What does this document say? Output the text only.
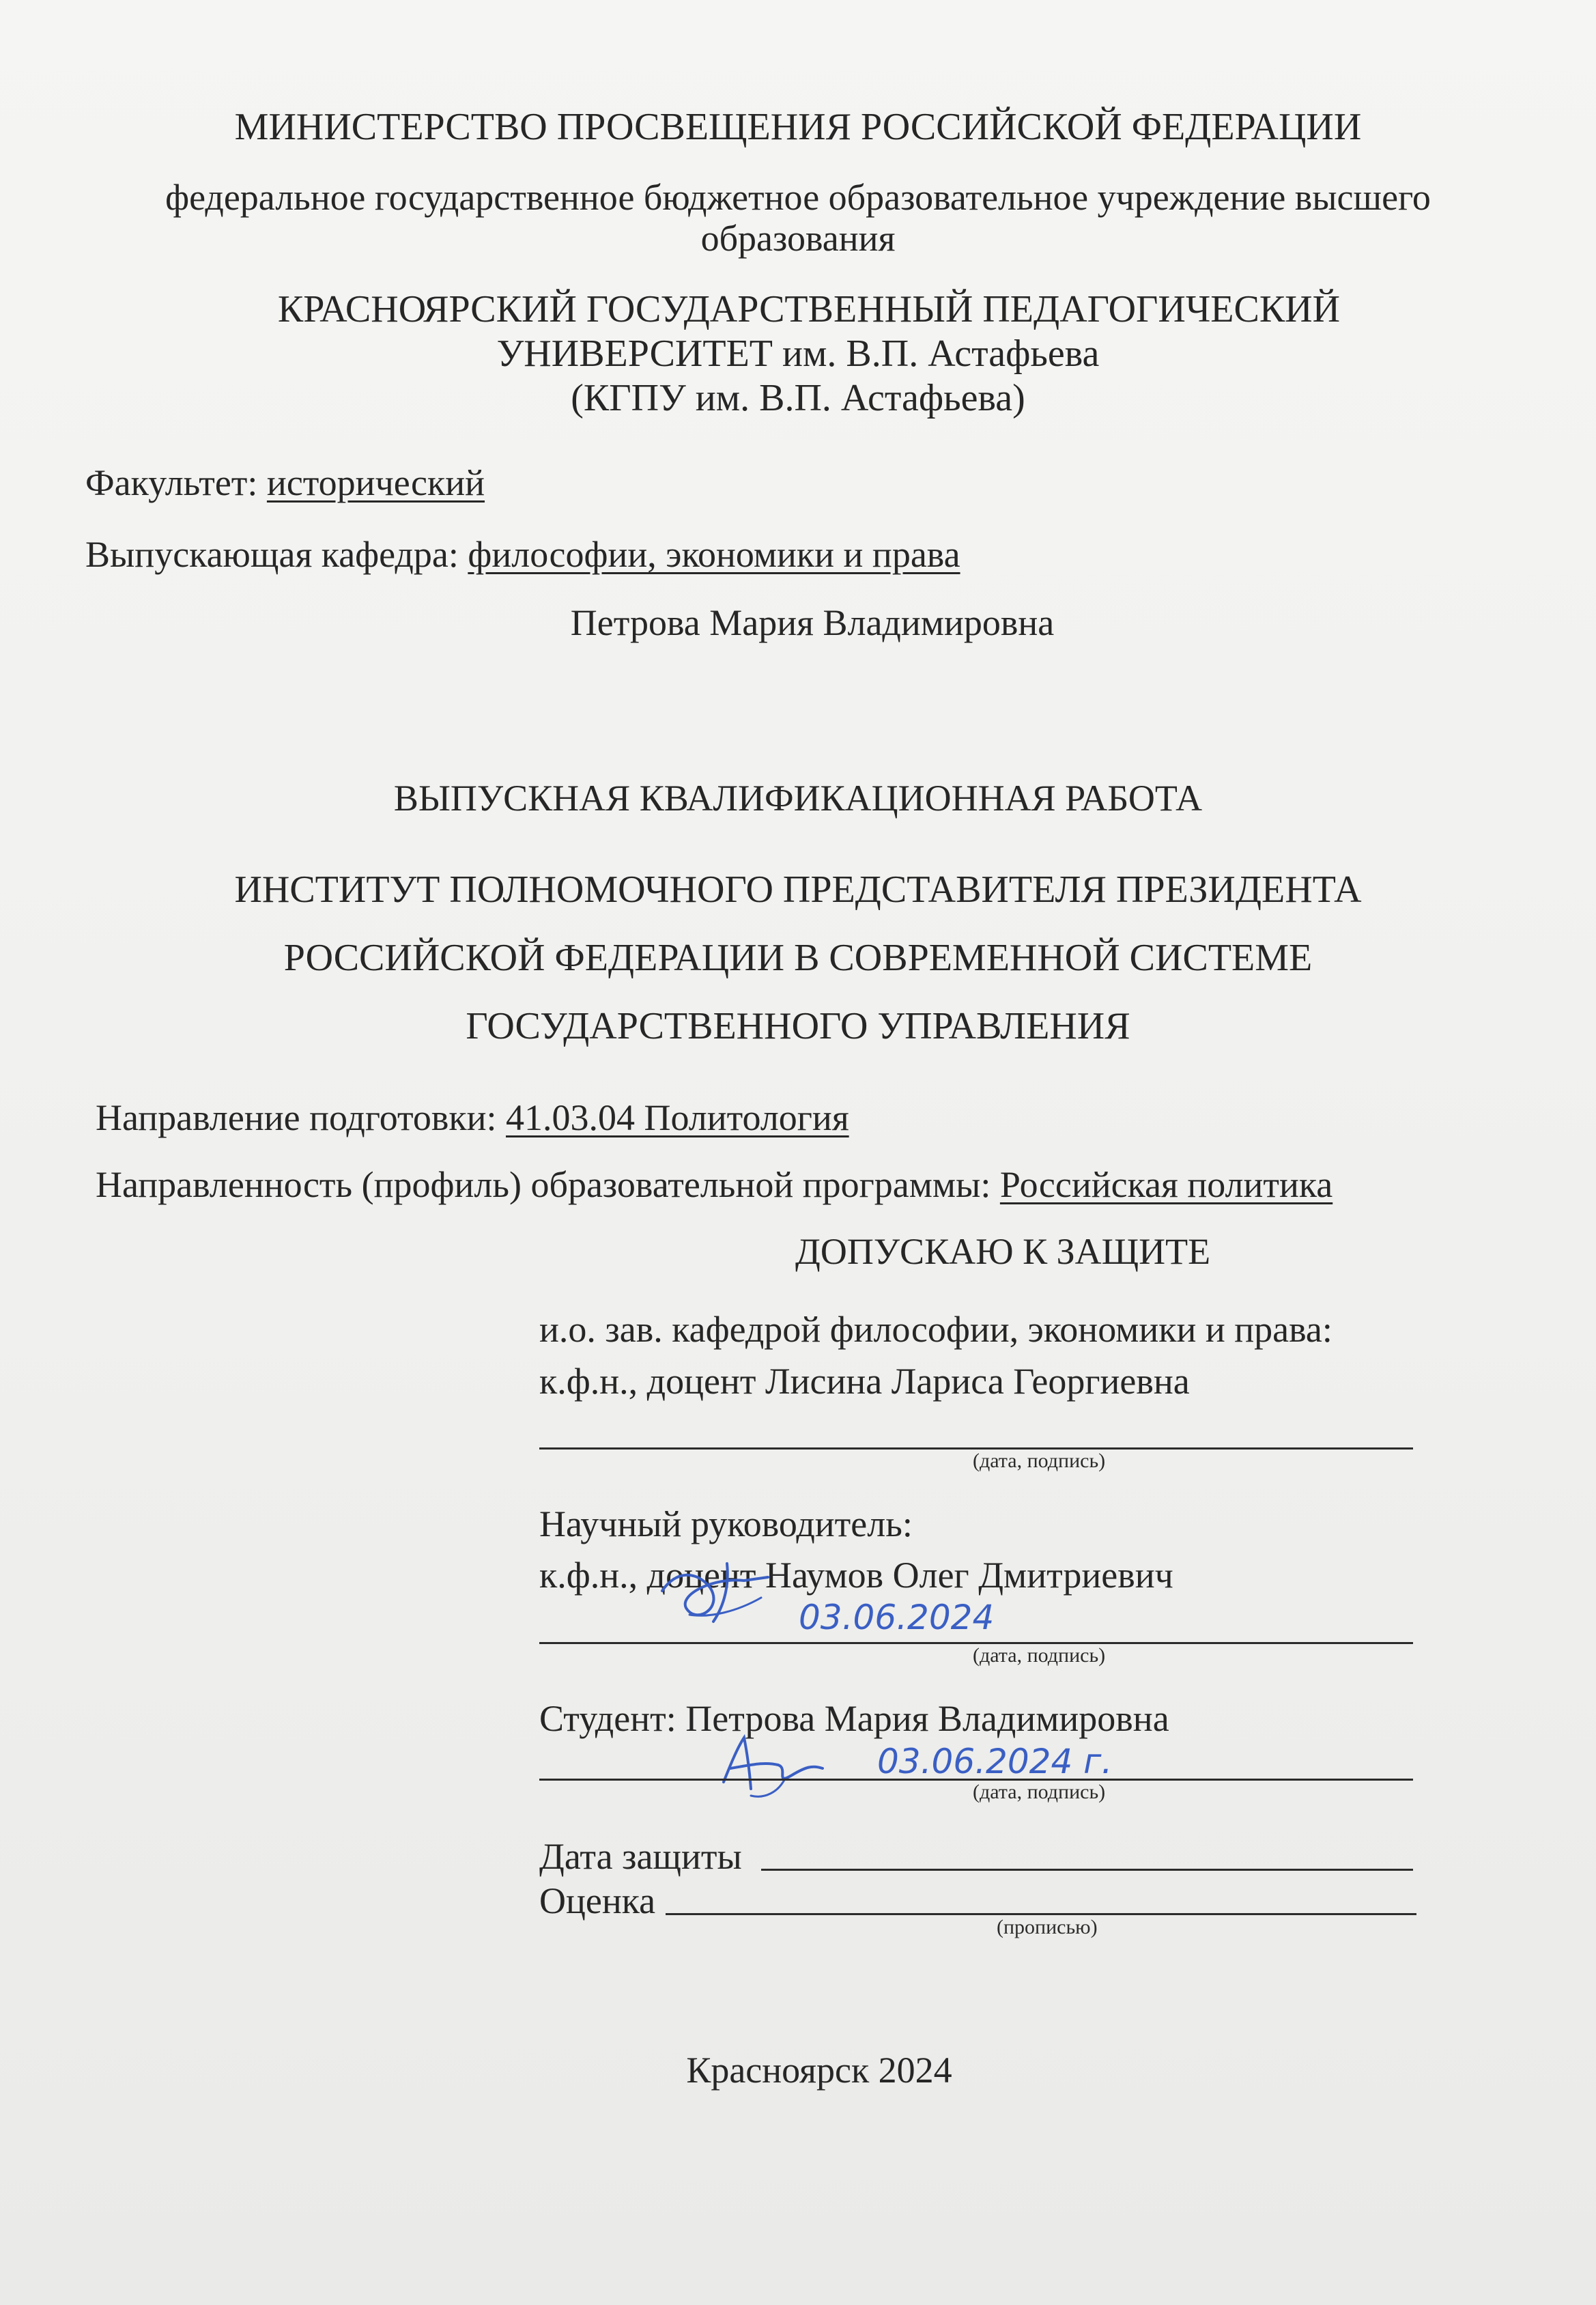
МИНИСТЕРСТВО ПРОСВЕЩЕНИЯ РОССИЙСКОЙ ФЕДЕРАЦИИ
федеральное государственное бюджетное образовательное учреждение высшего
образования
КРАСНОЯРСКИЙ ГОСУДАРСТВЕННЫЙ ПЕДАГОГИЧЕСКИЙ
УНИВЕРСИТЕТ им. В.П. Астафьева
(КГПУ им. В.П. Астафьева)
Факультет: исторический
Выпускающая кафедра: философии, экономики и права
Петрова Мария Владимировна
ВЫПУСКНАЯ КВАЛИФИКАЦИОННАЯ РАБОТА
ИНСТИТУТ ПОЛНОМОЧНОГО ПРЕДСТАВИТЕЛЯ ПРЕЗИДЕНТА
РОССИЙСКОЙ ФЕДЕРАЦИИ В СОВРЕМЕННОЙ СИСТЕМЕ
ГОСУДАРСТВЕННОГО УПРАВЛЕНИЯ
Направление подготовки: 41.03.04 Политология
Направленность (профиль) образовательной программы: Российская политика
ДОПУСКАЮ К ЗАЩИТЕ
и.о. зав. кафедрой философии, экономики и права:
к.ф.н., доцент Лисина Лариса Георгиевна
(дата, подпись)
Научный руководитель:
к.ф.н., доцент Наумов Олег Дмитриевич
03.06.2024
(дата, подпись)
Студент: Петрова Мария Владимировна
03.06.2024 г.
(дата, подпись)
Дата защиты
Оценка
(прописью)
Красноярск 2024
